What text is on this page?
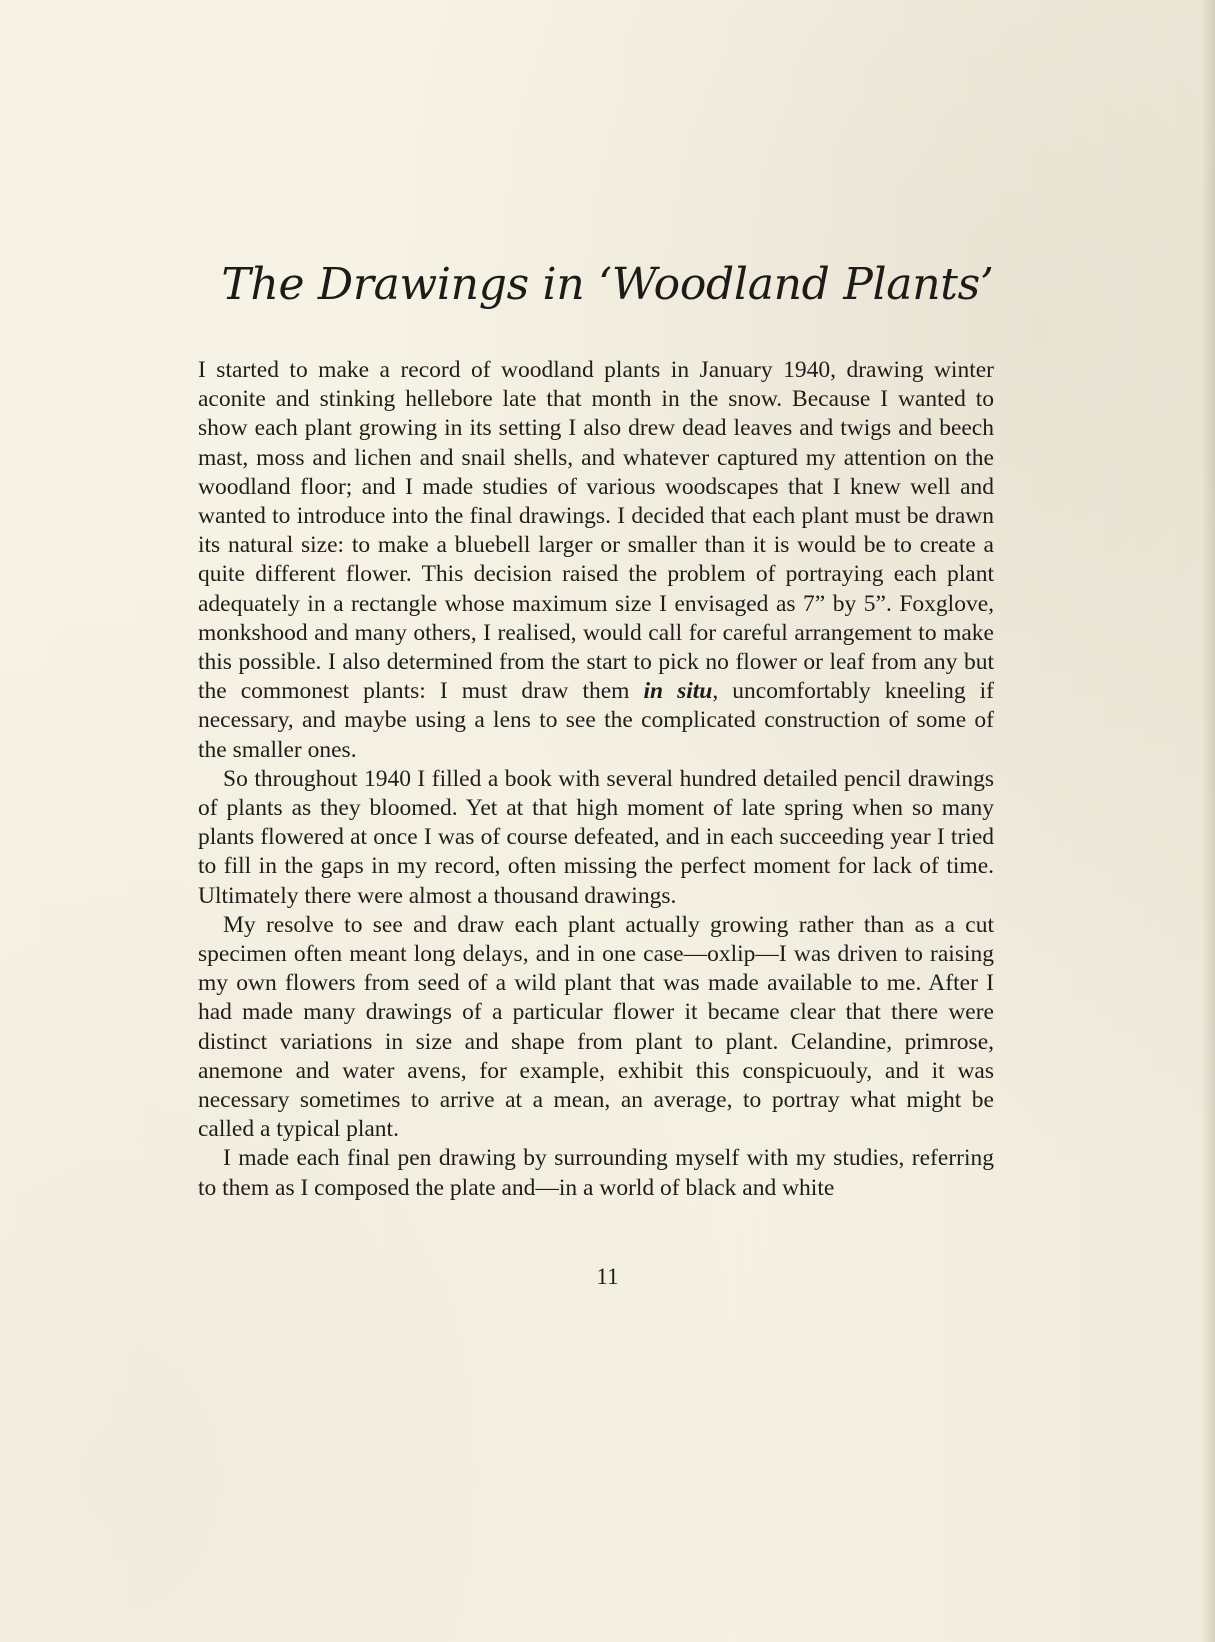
The Drawings in ‘Woodland Plants’

I started to make a record of woodland plants in January 1940, drawing winter aconite and stinking hellebore late that month in the snow. Because I wanted to show each plant growing in its setting I also drew dead leaves and twigs and beech mast, moss and lichen and snail shells, and whatever captured my attention on the woodland floor; and I made studies of various woodscapes that I knew well and wanted to introduce into the final drawings. I decided that each plant must be drawn its natural size: to make a bluebell larger or smaller than it is would be to create a quite different flower. This decision raised the problem of portraying each plant adequately in a rectangle whose maximum size I envisaged as 7” by 5”. Foxglove, monkshood and many others, I realised, would call for careful arrangement to make this possible. I also determined from the start to pick no flower or leaf from any but the commonest plants: I must draw them in situ, uncomfortably kneeling if necessary, and maybe using a lens to see the complicated construction of some of the smaller ones.

So throughout 1940 I filled a book with several hundred detailed pencil drawings of plants as they bloomed. Yet at that high moment of late spring when so many plants flowered at once I was of course defeated, and in each succeeding year I tried to fill in the gaps in my record, often missing the perfect moment for lack of time. Ultimately there were almost a thousand drawings.

My resolve to see and draw each plant actually growing rather than as a cut specimen often meant long delays, and in one case—oxlip—I was driven to raising my own flowers from seed of a wild plant that was made available to me. After I had made many drawings of a particular flower it became clear that there were distinct variations in size and shape from plant to plant. Celandine, primrose, anemone and water avens, for example, exhibit this conspicuouly, and it was necessary sometimes to arrive at a mean, an average, to portray what might be called a typical plant.

I made each final pen drawing by surrounding myself with my studies, referring to them as I composed the plate and—in a world of black and white

11
